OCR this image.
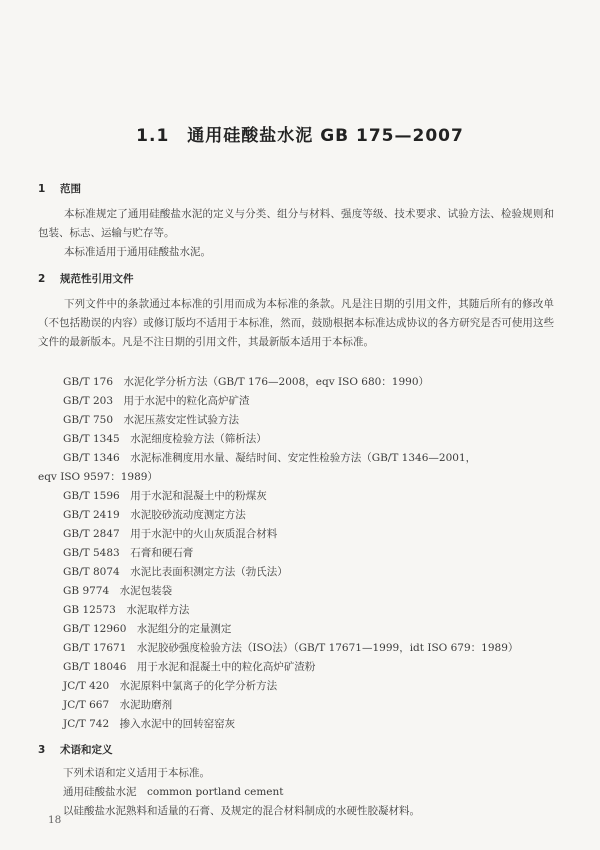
1.1　通用硅酸盐水泥 GB 175—2007
1 范围
本标准规定了通用硅酸盐水泥的定义与分类、组分与材料、强度等级、技术要求、试验方法、检验规则和包装、标志、运输与贮存等。
本标准适用于通用硅酸盐水泥。
2 规范性引用文件
下列文件中的条款通过本标准的引用而成为本标准的条款。凡是注日期的引用文件，其随后所有的修改单（不包括勘误的内容）或修订版均不适用于本标准，然而，鼓励根据本标准达成协议的各方研究是否可使用这些文件的最新版本。凡是不注日期的引用文件，其最新版本适用于本标准。
GB/T 176　水泥化学分析方法（GB/T 176—2008，eqv ISO 680：1990）
GB/T 203　用于水泥中的粒化高炉矿渣
GB/T 750　水泥压蒸安定性试验方法
GB/T 1345　水泥细度检验方法（筛析法）
GB/T 1346　水泥标准稠度用水量、凝结时间、安定性检验方法（GB/T 1346—2001，
eqv ISO 9597：1989）
GB/T 1596　用于水泥和混凝土中的粉煤灰
GB/T 2419　水泥胶砂流动度测定方法
GB/T 2847　用于水泥中的火山灰质混合材料
GB/T 5483　石膏和硬石膏
GB/T 8074　水泥比表面积测定方法（勃氏法）
GB 9774　水泥包装袋
GB 12573　水泥取样方法
GB/T 12960　水泥组分的定量测定
GB/T 17671　水泥胶砂强度检验方法（ISO法）（GB/T 17671—1999，idt ISO 679：1989）
GB/T 18046　用于水泥和混凝土中的粒化高炉矿渣粉
JC/T 420　水泥原料中氯离子的化学分析方法
JC/T 667　水泥助磨剂
JC/T 742　掺入水泥中的回转窑窑灰
3 术语和定义
下列术语和定义适用于本标准。
通用硅酸盐水泥　common portland cement
以硅酸盐水泥熟料和适量的石膏、及规定的混合材料制成的水硬性胶凝材料。
18
